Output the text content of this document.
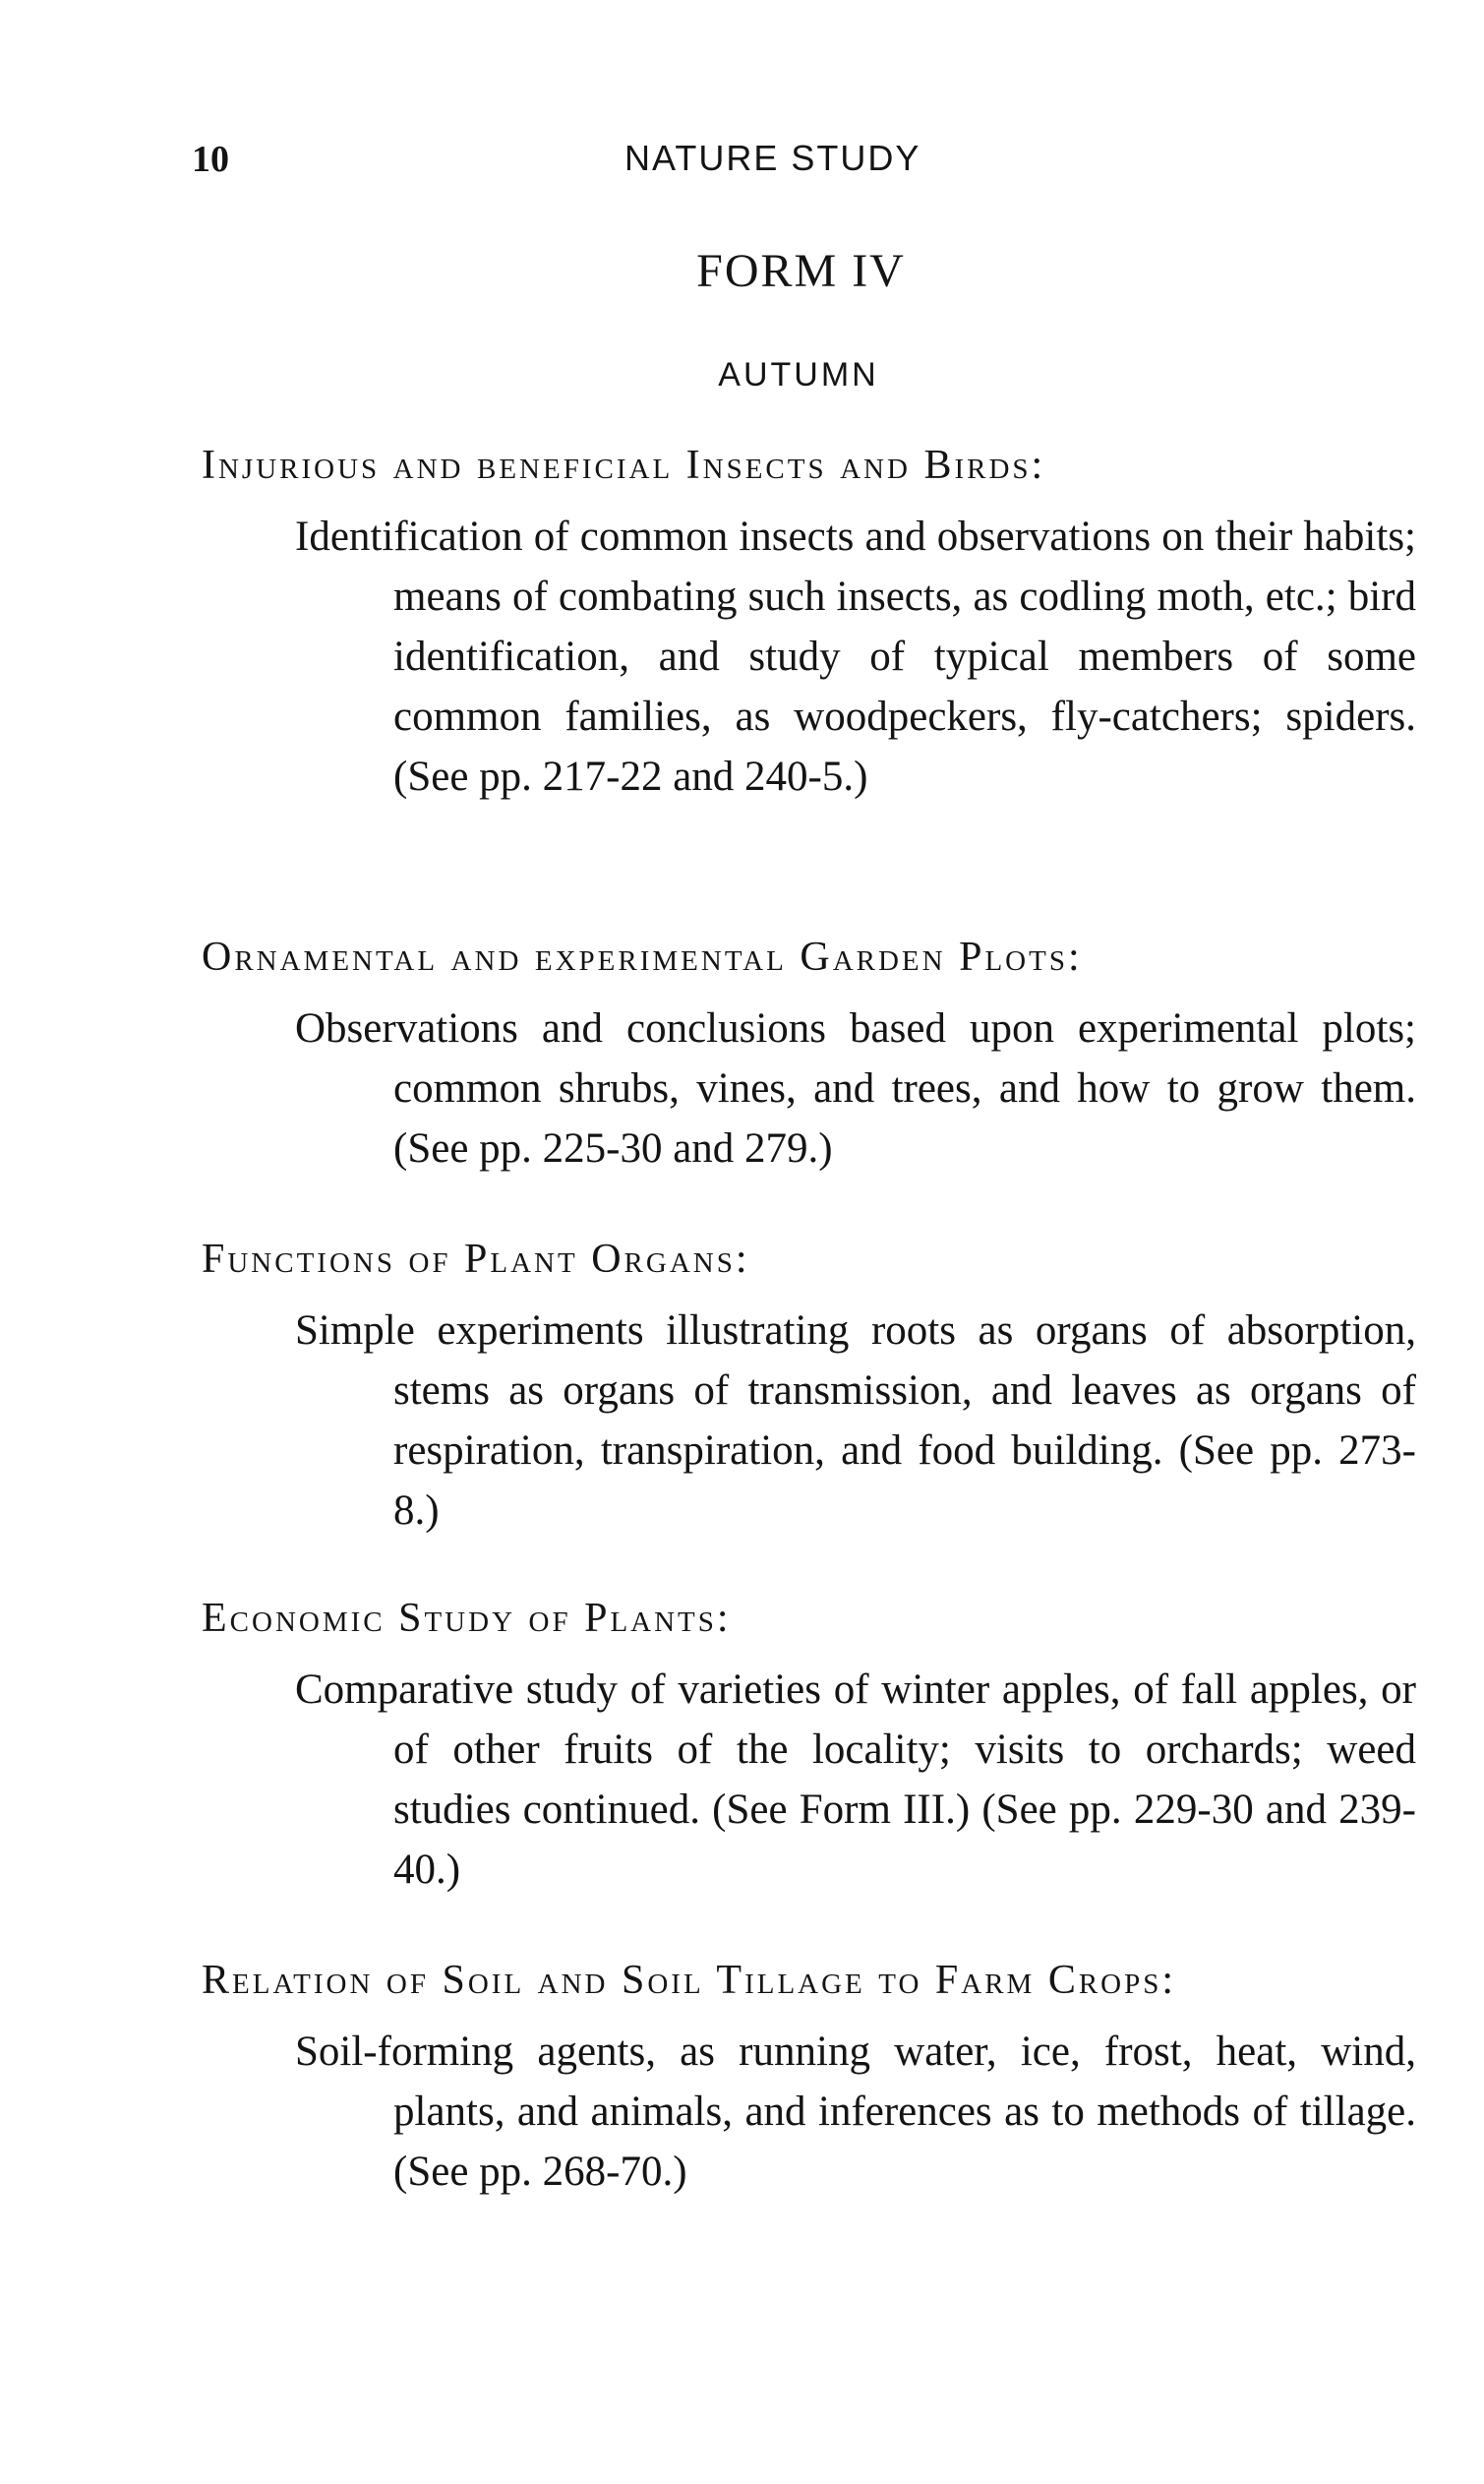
10	NATURE STUDY
FORM IV
AUTUMN
Injurious and beneficial Insects and Birds:
Identification of common insects and observations on their habits; means of combating such insects, as codling moth, etc.; bird identification, and study of typical members of some common families, as woodpeckers, fly-catchers; spiders. (See pp. 217-22 and 240-5.)
Ornamental and experimental Garden Plots:
Observations and conclusions based upon experimental plots; common shrubs, vines, and trees, and how to grow them. (See pp. 225-30 and 279.)
Functions of Plant Organs:
Simple experiments illustrating roots as organs of absorption, stems as organs of transmission, and leaves as organs of respiration, transpiration, and food building. (See pp. 273-8.)
Economic Study of Plants:
Comparative study of varieties of winter apples, of fall apples, or of other fruits of the locality; visits to orchards; weed studies continued. (See Form III.) (See pp. 229-30 and 239-40.)
Relation of Soil and Soil Tillage to Farm Crops:
Soil-forming agents, as running water, ice, frost, heat, wind, plants, and animals, and inferences as to methods of tillage. (See pp. 268-70.)
